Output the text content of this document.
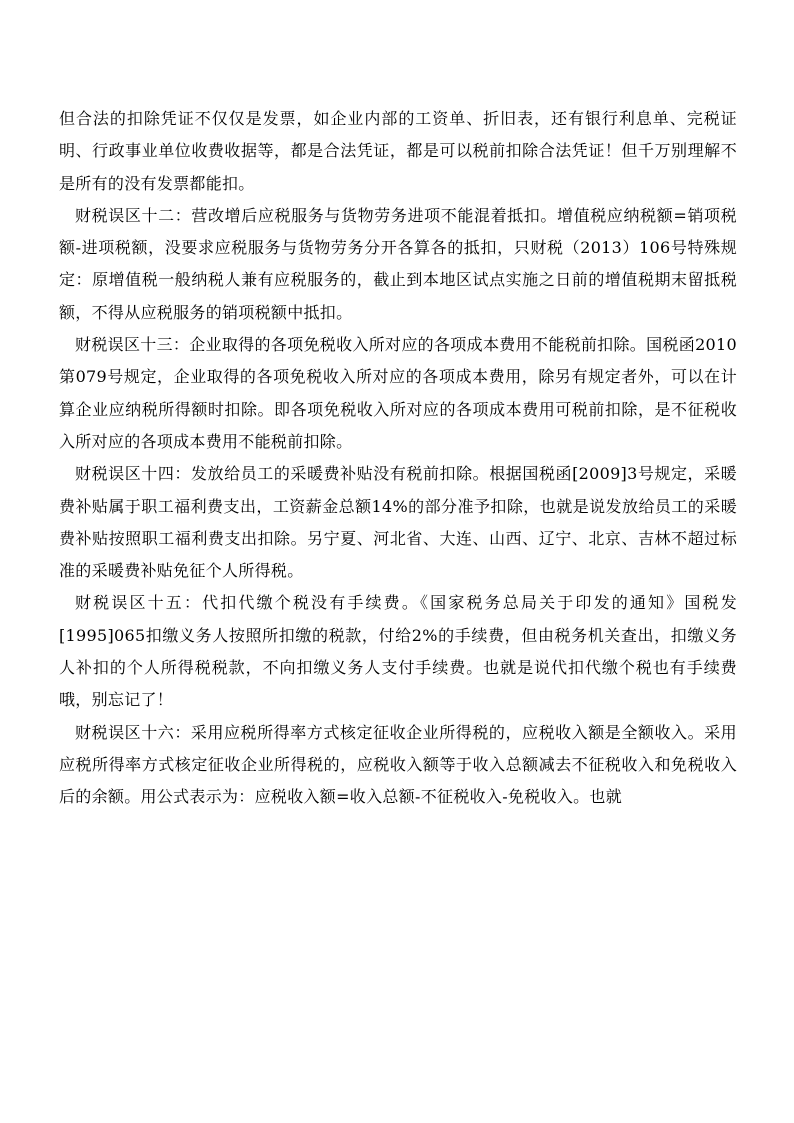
但合法的扣除凭证不仅仅是发票，如企业内部的工资单、折旧表，还有银行利息单、完税证明、行政事业单位收费收据等，都是合法凭证，都是可以税前扣除合法凭证！但千万别理解不是所有的没有发票都能扣。

财税误区十二：营改增后应税服务与货物劳务进项不能混着抵扣。增值税应纳税额=销项税额-进项税额，没要求应税服务与货物劳务分开各算各的抵扣，只财税（2013）106号特殊规定：原增值税一般纳税人兼有应税服务的，截止到本地区试点实施之日前的增值税期末留抵税额，不得从应税服务的销项税额中抵扣。

财税误区十三：企业取得的各项免税收入所对应的各项成本费用不能税前扣除。国税函2010第079号规定，企业取得的各项免税收入所对应的各项成本费用，除另有规定者外，可以在计算企业应纳税所得额时扣除。即各项免税收入所对应的各项成本费用可税前扣除，是不征税收入所对应的各项成本费用不能税前扣除。

财税误区十四：发放给员工的采暖费补贴没有税前扣除。根据国税函[2009]3号规定，采暖费补贴属于职工福利费支出，工资薪金总额14%的部分准予扣除，也就是说发放给员工的采暖费补贴按照职工福利费支出扣除。另宁夏、河北省、大连、山西、辽宁、北京、吉林不超过标准的采暖费补贴免征个人所得税。

财税误区十五：代扣代缴个税没有手续费。《国家税务总局关于印发的通知》国税发[1995]065扣缴义务人按照所扣缴的税款，付给2%的手续费，但由税务机关查出，扣缴义务人补扣的个人所得税税款，不向扣缴义务人支付手续费。也就是说代扣代缴个税也有手续费哦，别忘记了！

财税误区十六：采用应税所得率方式核定征收企业所得税的，应税收入额是全额收入。采用应税所得率方式核定征收企业所得税的，应税收入额等于收入总额减去不征税收入和免税收入后的余额。用公式表示为：应税收入额=收入总额-不征税收入-免税收入。也就
